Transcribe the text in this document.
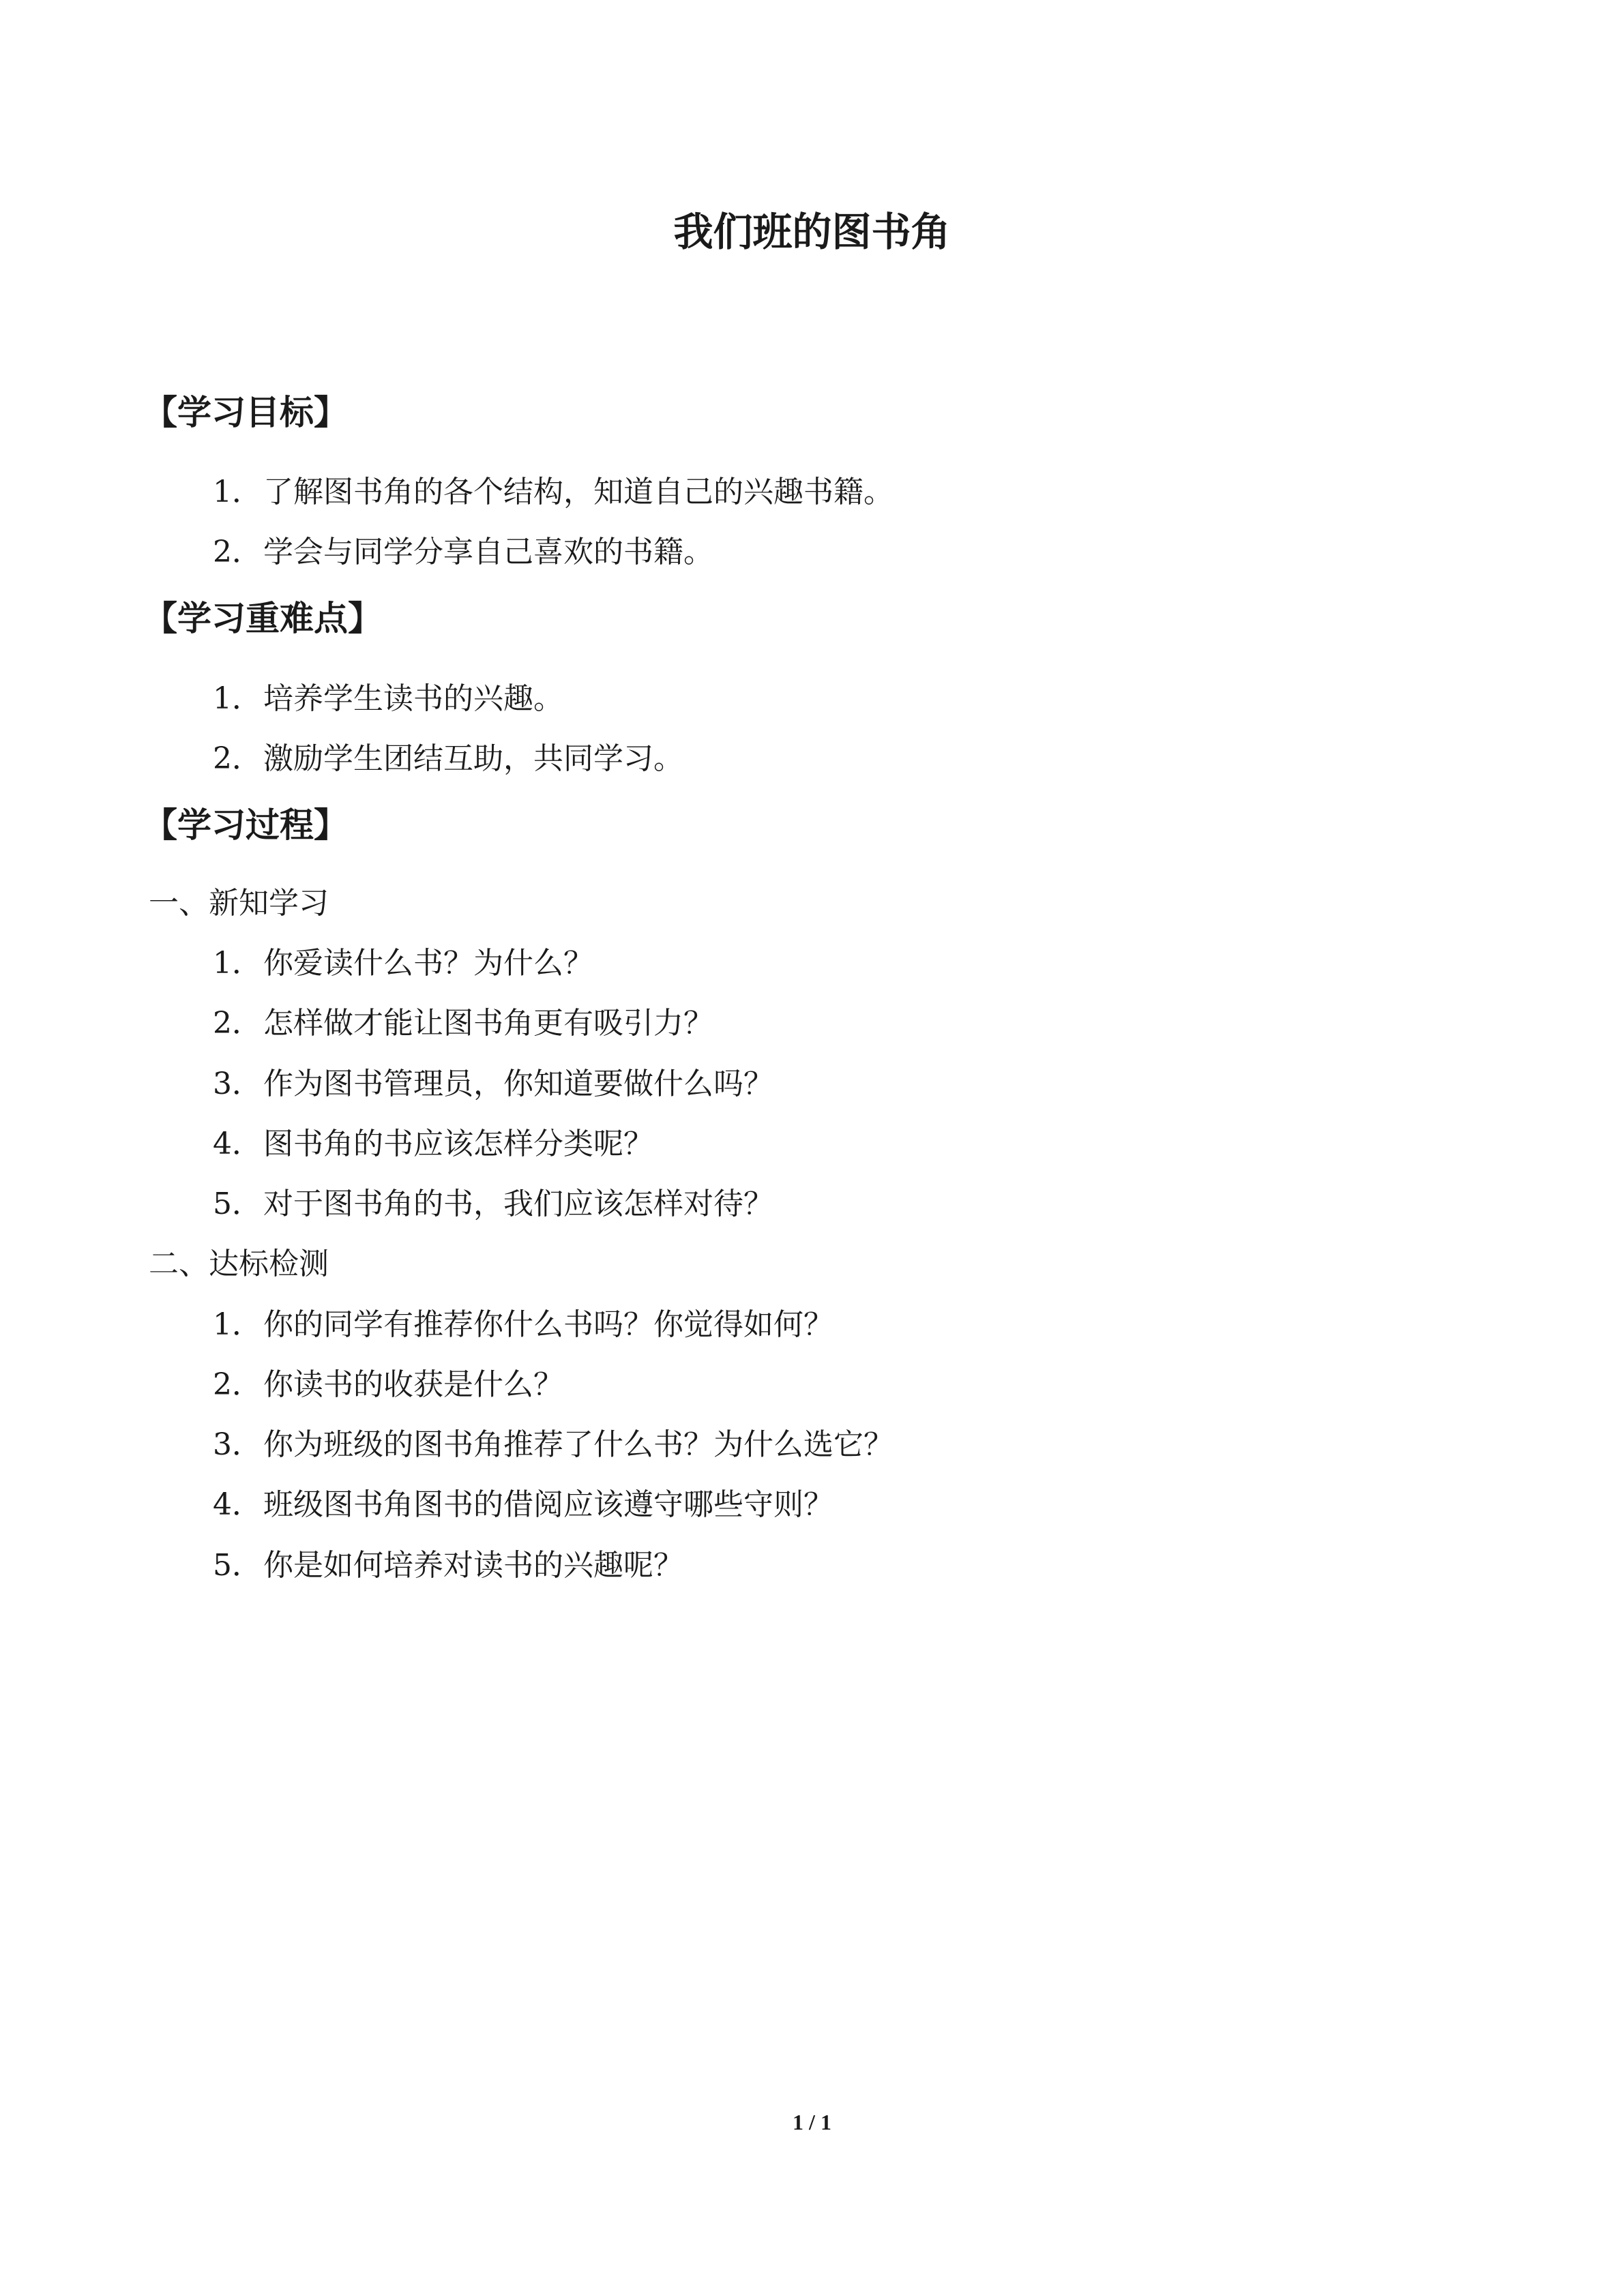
我们班的图书角
【学习目标】

1．了解图书角的各个结构，知道自己的兴趣书籍。

2．学会与同学分享自己喜欢的书籍。

【学习重难点】

1．培养学生读书的兴趣。

2．激励学生团结互助，共同学习。

【学习过程】

一、新知学习

1．你爱读什么书？为什么？

2．怎样做才能让图书角更有吸引力？

3．作为图书管理员，你知道要做什么吗？

4．图书角的书应该怎样分类呢？

5．对于图书角的书，我们应该怎样对待？

二、达标检测

1．你的同学有推荐你什么书吗？你觉得如何？

2．你读书的收获是什么？

3．你为班级的图书角推荐了什么书？为什么选它？

4．班级图书角图书的借阅应该遵守哪些守则？

5．你是如何培养对读书的兴趣呢？

1 / 1
